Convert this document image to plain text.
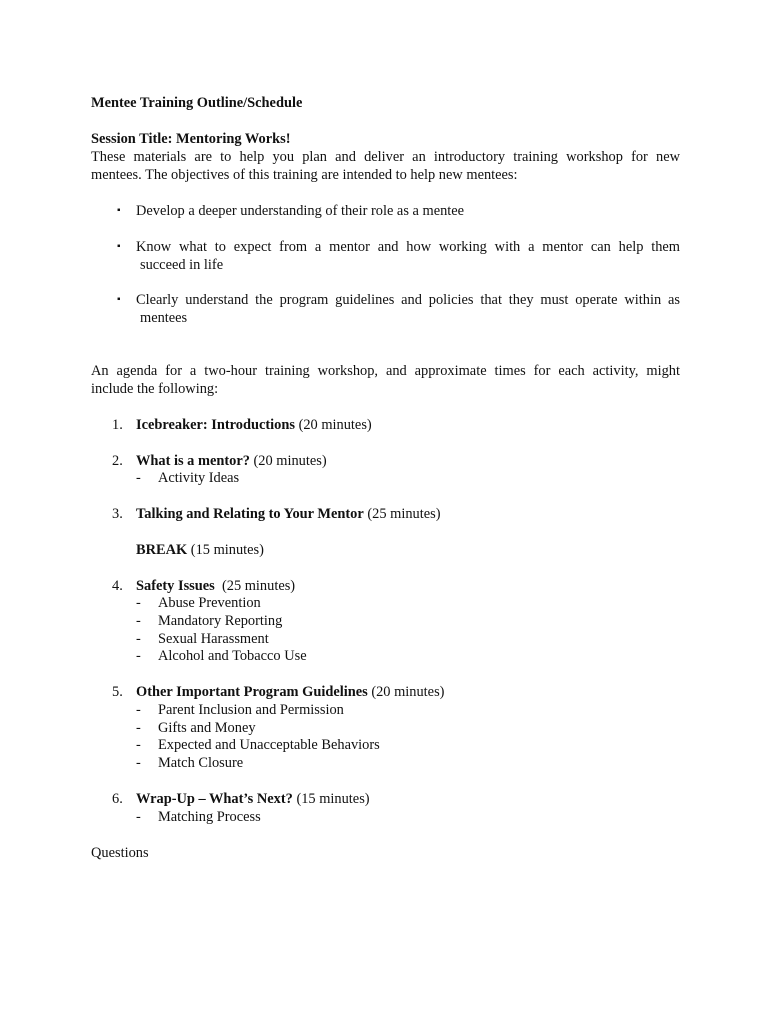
Mentee Training Outline/Schedule
Session Title: Mentoring Works!
These materials are to help you plan and deliver an introductory training workshop for new
mentees. The objectives of this training are intended to help new mentees:
▪ Develop a deeper understanding of their role as a mentee
▪ Know what to expect from a mentor and how working with a mentor can help them
succeed in life
▪ Clearly understand the program guidelines and policies that they must operate within as
mentees
An agenda for a two-hour training workshop, and approximate times for each activity, might
include the following:
1. Icebreaker: Introductions (20 minutes)
2. What is a mentor? (20 minutes)
- Activity Ideas
3. Talking and Relating to Your Mentor (25 minutes)
BREAK (15 minutes)
4. Safety Issues  (25 minutes)
- Abuse Prevention
- Mandatory Reporting
- Sexual Harassment
- Alcohol and Tobacco Use
5. Other Important Program Guidelines (20 minutes)
- Parent Inclusion and Permission
- Gifts and Money
- Expected and Unacceptable Behaviors
- Match Closure
6. Wrap-Up – What’s Next? (15 minutes)
- Matching Process
Questions
